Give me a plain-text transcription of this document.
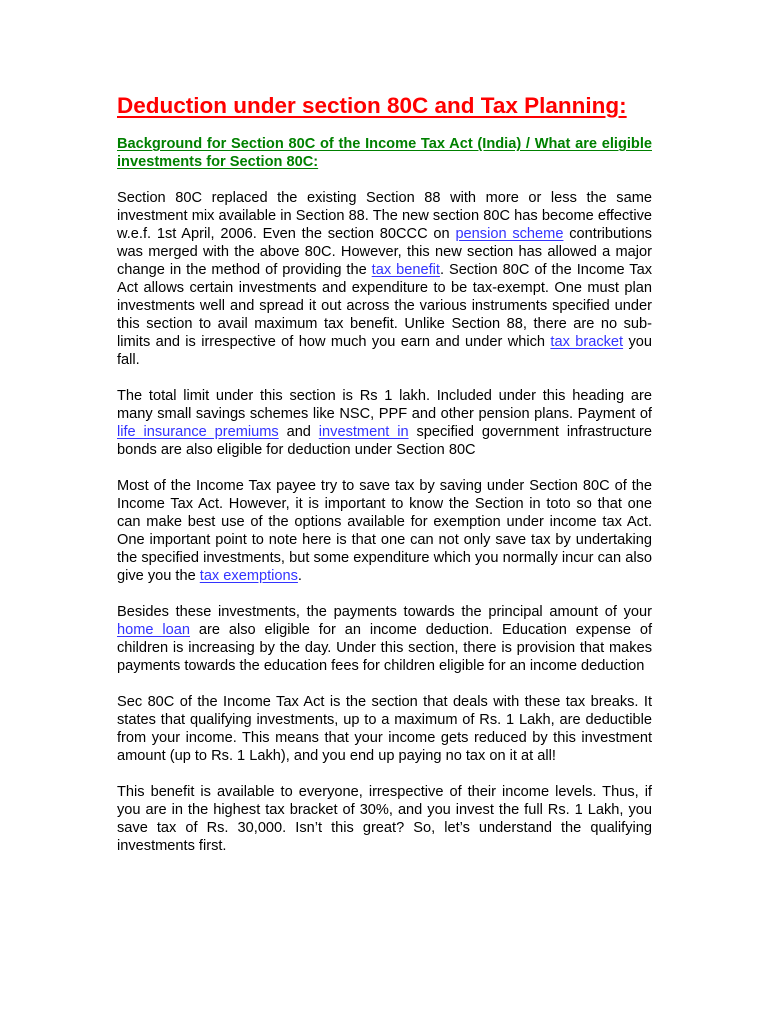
Deduction under section 80C and Tax Planning:

Background for Section 80C of the Income Tax Act (India) / What are eligible investments for Section 80C:

Section 80C replaced the existing Section 88 with more or less the same investment mix available in Section 88. The new section 80C has become effective w.e.f. 1st April, 2006. Even the section 80CCC on pension scheme contributions was merged with the above 80C. However, this new section has allowed a major change in the method of providing the tax benefit. Section 80C of the Income Tax Act allows certain investments and expenditure to be tax-exempt. One must plan investments well and spread it out across the various instruments specified under this section to avail maximum tax benefit. Unlike Section 88, there are no sub-limits and is irrespective of how much you earn and under which tax bracket you fall.

The total limit under this section is Rs 1 lakh. Included under this heading are many small savings schemes like NSC, PPF and other pension plans. Payment of life insurance premiums and investment in specified government infrastructure bonds are also eligible for deduction under Section 80C

Most of the Income Tax payee try to save tax by saving under Section 80C of the Income Tax Act. However, it is important to know the Section in toto so that one can make best use of the options available for exemption under income tax Act. One important point to note here is that one can not only save tax by undertaking the specified investments, but some expenditure which you normally incur can also give you the tax exemptions.

Besides these investments, the payments towards the principal amount of your home loan are also eligible for an income deduction. Education expense of children is increasing by the day. Under this section, there is provision that makes payments towards the education fees for children eligible for an income deduction

Sec 80C of the Income Tax Act is the section that deals with these tax breaks. It states that qualifying investments, up to a maximum of Rs. 1 Lakh, are deductible from your income. This means that your income gets reduced by this investment amount (up to Rs. 1 Lakh), and you end up paying no tax on it at all!

This benefit is available to everyone, irrespective of their income levels. Thus, if you are in the highest tax bracket of 30%, and you invest the full Rs. 1 Lakh, you save tax of Rs. 30,000. Isn’t this great? So, let’s understand the qualifying investments first.
